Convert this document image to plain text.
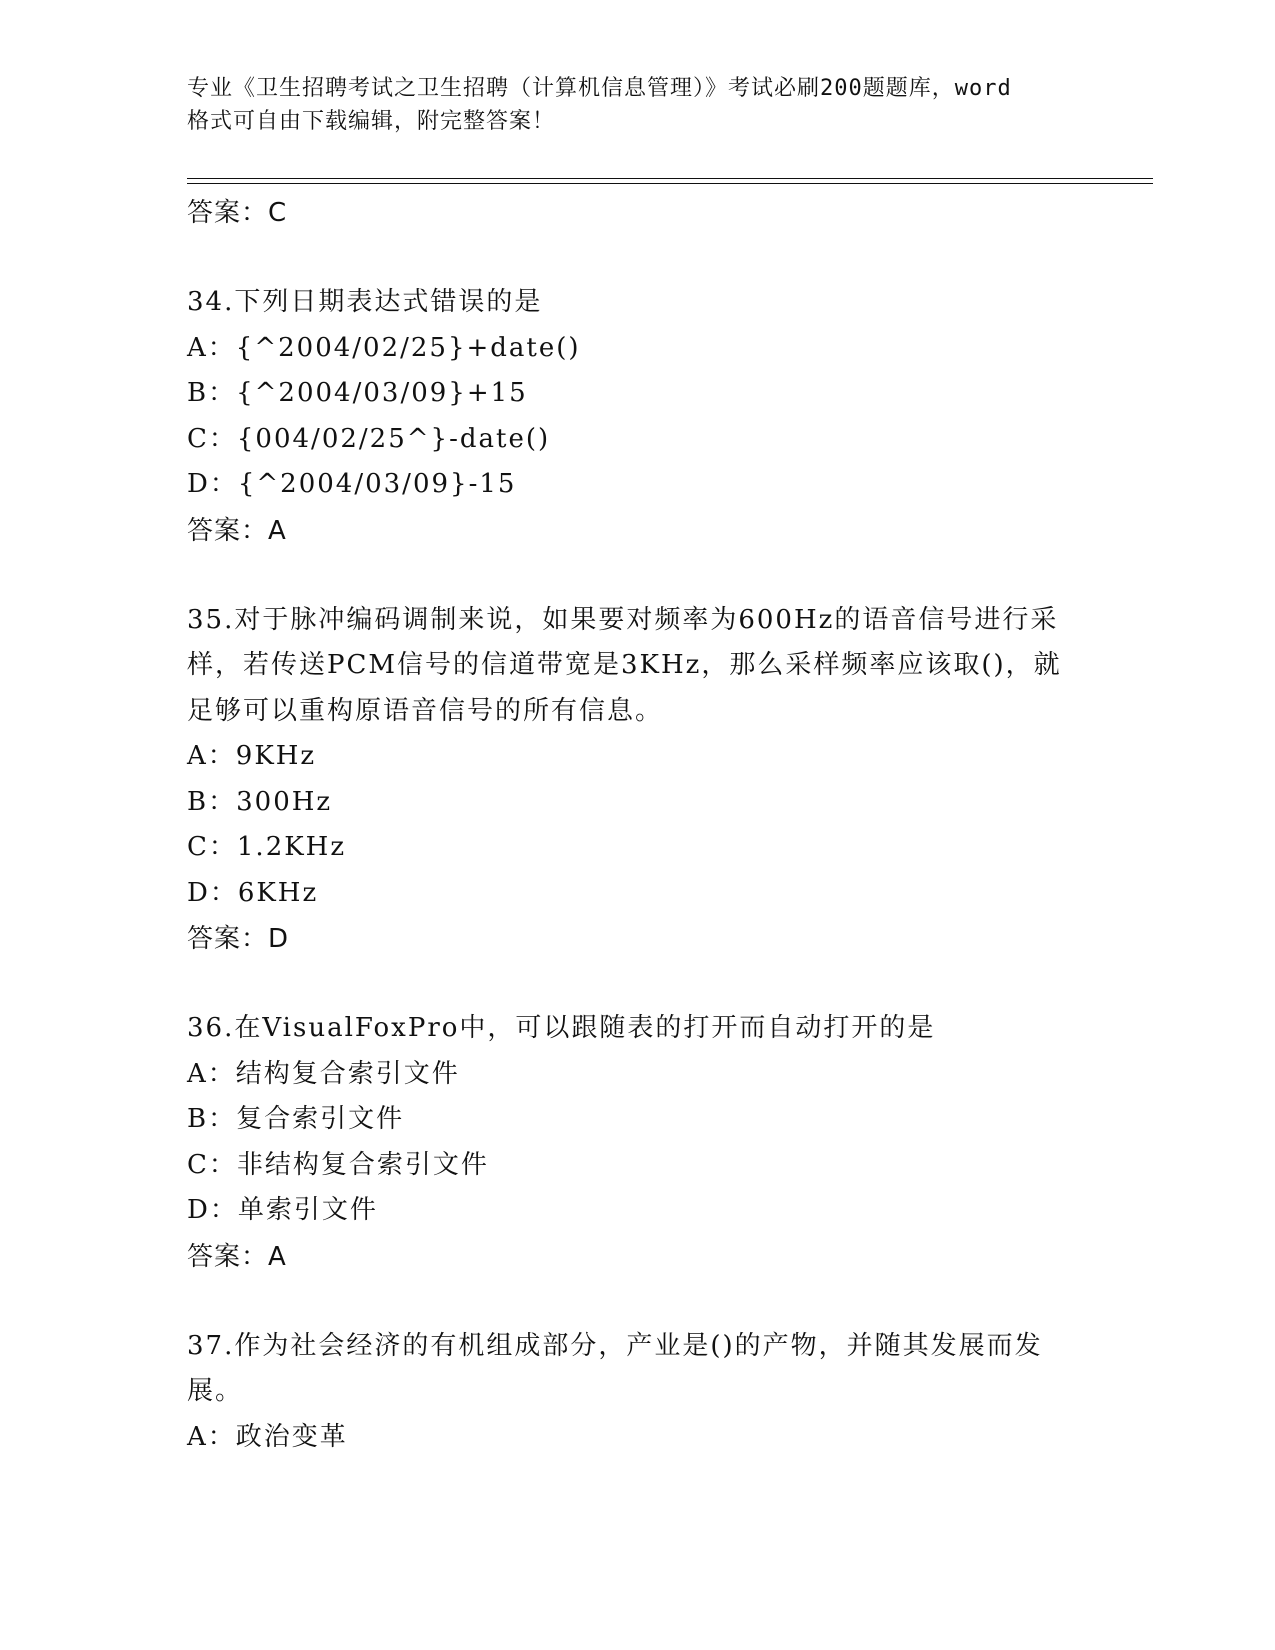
专业《卫生招聘考试之卫生招聘（计算机信息管理）》考试必刷200题题库，word
格式可自由下载编辑，附完整答案！
答案：C
34.下列日期表达式错误的是
A：{^2004/02/25}+date()
B：{^2004/03/09}+15
C：{004/02/25^}-date()
D：{^2004/03/09}-15
答案：A
35.对于脉冲编码调制来说，如果要对频率为600Hz的语音信号进行采
样，若传送PCM信号的信道带宽是3KHz，那么采样频率应该取()，就
足够可以重构原语音信号的所有信息。
A：9KHz
B：300Hz
C：1.2KHz
D：6KHz
答案：D
36.在VisualFoxPro中，可以跟随表的打开而自动打开的是
A：结构复合索引文件
B：复合索引文件
C：非结构复合索引文件
D：单索引文件
答案：A
37.作为社会经济的有机组成部分，产业是()的产物，并随其发展而发
展。
A：政治变革
